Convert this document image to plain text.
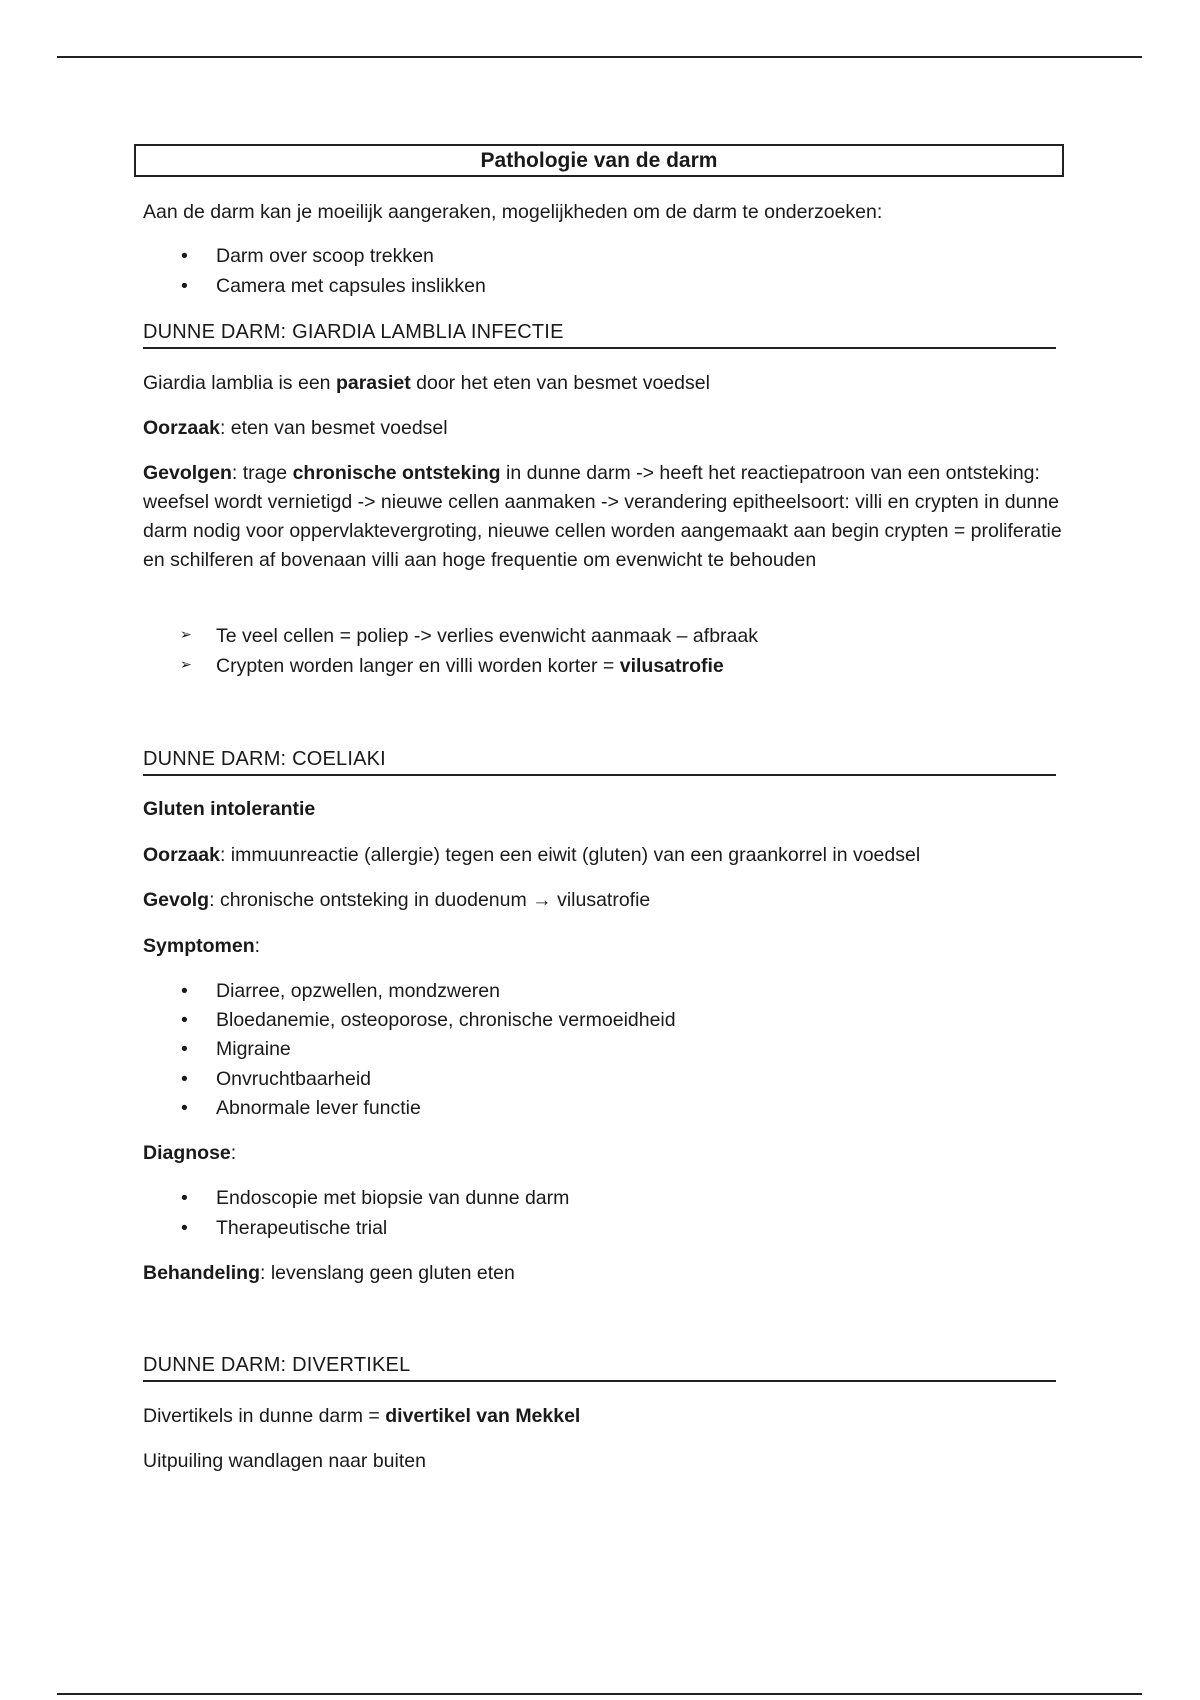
Pathologie van de darm
Aan de darm kan je moeilijk aangeraken, mogelijkheden om de darm te onderzoeken:
• Darm over scoop trekken
• Camera met capsules inslikken
DUNNE DARM: GIARDIA LAMBLIA INFECTIE
Giardia lamblia is een parasiet door het eten van besmet voedsel
Oorzaak: eten van besmet voedsel
Gevolgen: trage chronische ontsteking in dunne darm -> heeft het reactiepatroon van een ontsteking: weefsel wordt vernietigd -> nieuwe cellen aanmaken -> verandering epitheelsoort: villi en crypten in dunne darm nodig voor oppervlaktevergroting, nieuwe cellen worden aangemaakt aan begin crypten = proliferatie en schilferen af bovenaan villi aan hoge frequentie om evenwicht te behouden
➢ Te veel cellen = poliep -> verlies evenwicht aanmaak – afbraak
➢ Crypten worden langer en villi worden korter = vilusatrofie
DUNNE DARM: COELIAKI
Gluten intolerantie
Oorzaak: immuunreactie (allergie) tegen een eiwit (gluten) van een graankorrel in voedsel
Gevolg: chronische ontsteking in duodenum → vilusatrofie
Symptomen:
• Diarree, opzwellen, mondzweren
• Bloedanemie, osteoporose, chronische vermoeidheid
• Migraine
• Onvruchtbaarheid
• Abnormale lever functie
Diagnose:
• Endoscopie met biopsie van dunne darm
• Therapeutische trial
Behandeling: levenslang geen gluten eten
DUNNE DARM: DIVERTIKEL
Divertikels in dunne darm = divertikel van Mekkel
Uitpuiling wandlagen naar buiten
